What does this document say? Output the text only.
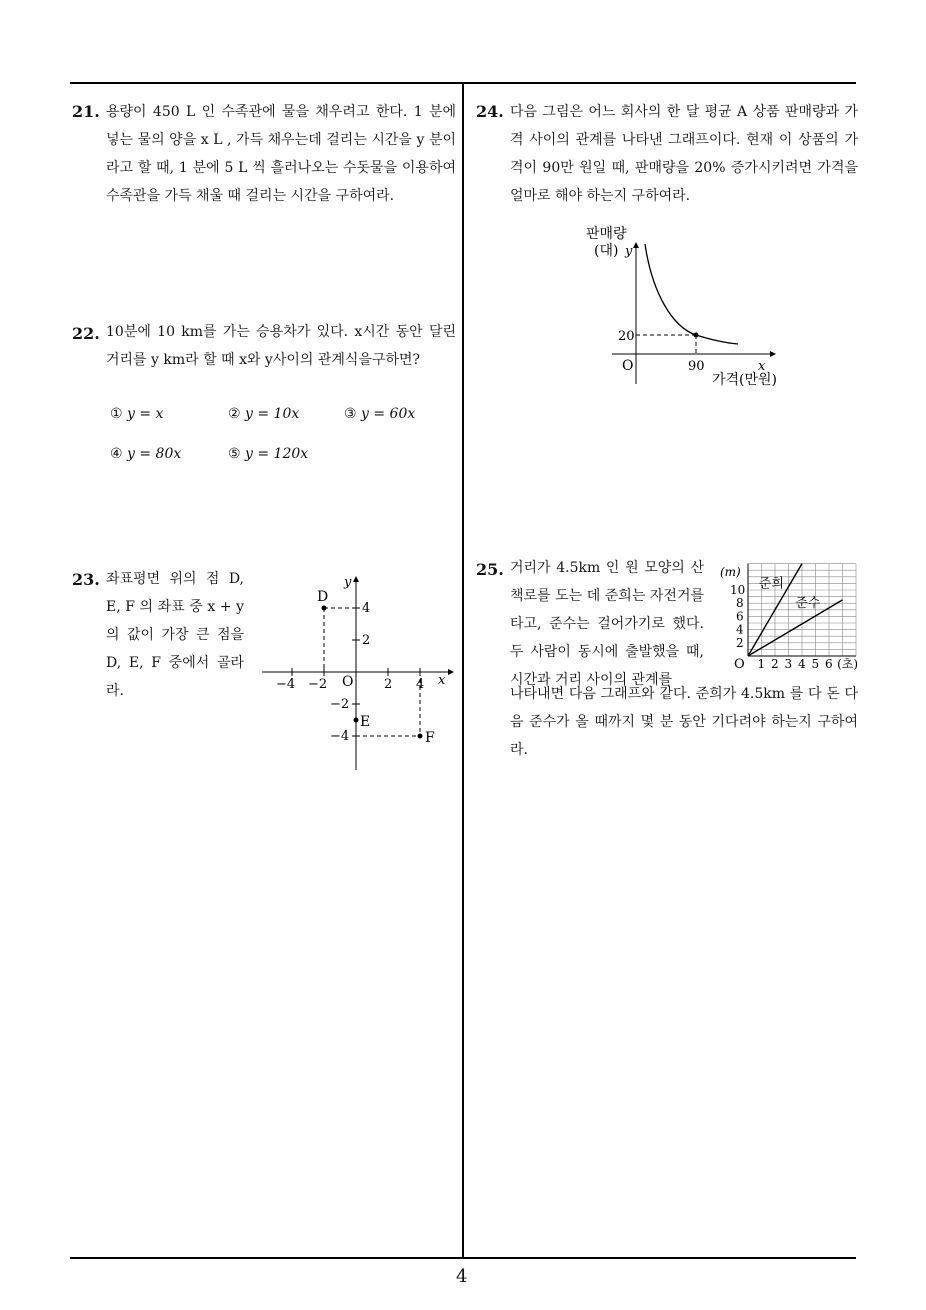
21. 용량이 450 L 인 수족관에 물을 채우려고 한다. 1 분에 넣는 물의 양을 x L , 가득 채우는데 걸리는 시간을 y 분이라고 할 때, 1 분에 5 L 씩 흘러나오는 수돗물을 이용하여 수족관을 가득 채울 때 걸리는 시간을 구하여라.
22. 10분에 10 km를 가는 승용차가 있다. x시간 동안 달린 거리를 y km라 할 때 x와 y사이의 관계식을구하면?
① y = x	② y = 10x	③ y = 60x
④ y = 80x	⑤ y = 120x
23. 좌표평면 위의 점 D, E, F 의 좌표 중 x + y 의 값이 가장 큰 점을 D, E, F 중에서 골라라.	−4 −2	2 4
4
2
−2
−4
O	x
y
D
E
F
24. 다음 그림은 어느 회사의 한 달 평균 A 상품 판매량과 가격 사이의 관계를 나타낸 그래프이다. 현재 이 상품의 가격이 90만 원일 때, 판매량을 20% 증가시키려면 가격을 얼마로 해야 하는지 구하여라.
판매량
(대) y
x
가격(만원)
O
20
90
25. 거리가 4.5km 인 원 모양의 산책로를 도는 데 준희는 자전거를 타고, 준수는 걸어가기로 했다. 두 사람이 동시에 출발했을 때, 시간과 거리 사이의 관계를
나타내면 다음 그래프와 같다. 준희가 4.5km 를 다 돈 다음 준수가 올 때까지 몇 분 동안 기다려야 하는지 구하여라.
(m)
O 1 2 3 4 5 6 (초)
10
8
6
4
2
준희
준수
4
